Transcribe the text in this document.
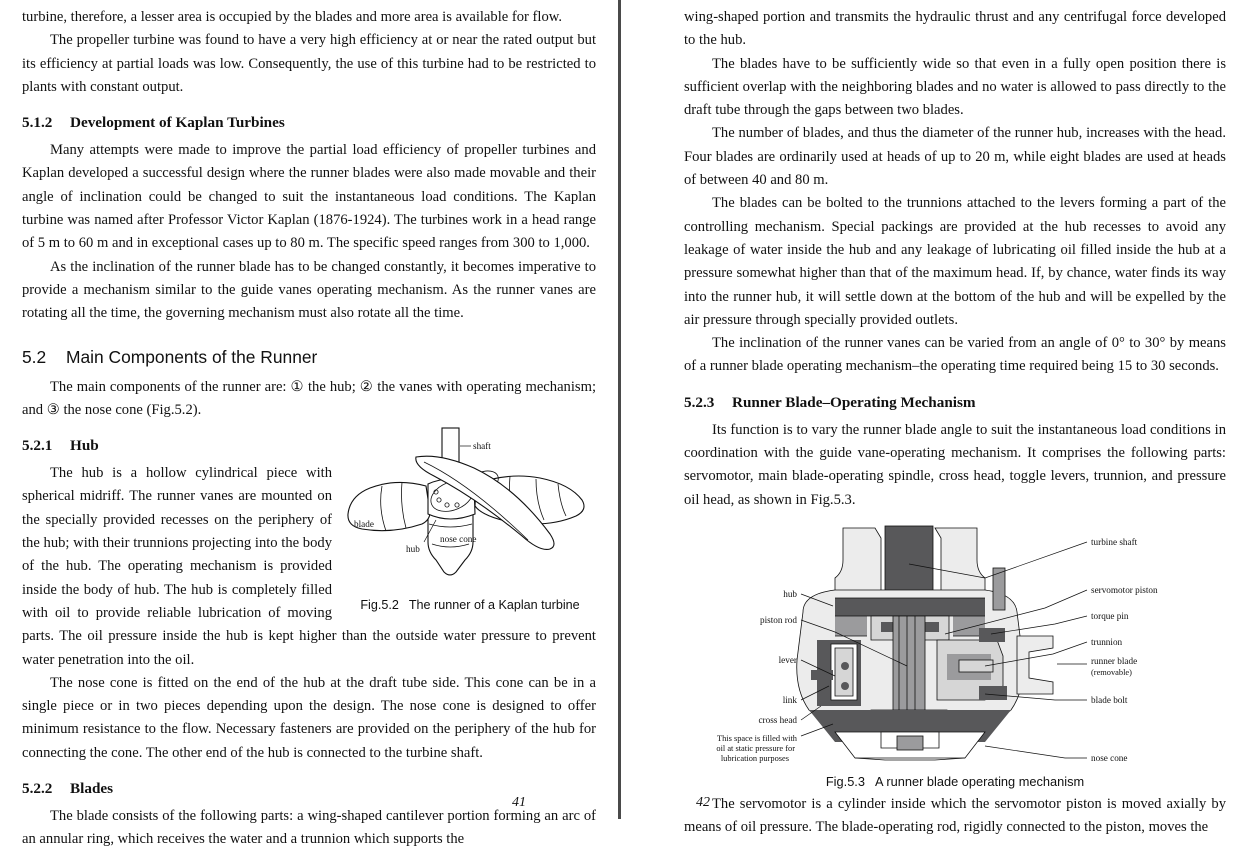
turbine, therefore, a lesser area is occupied by the blades and more area is available for flow.

The propeller turbine was found to have a very high efficiency at or near the rated output but its efficiency at partial loads was low. Consequently, the use of this turbine had to be restricted to plants with constant output.

5.1.2 Development of Kaplan Turbines

Many attempts were made to improve the partial load efficiency of propeller turbines and Kaplan developed a successful design where the runner blades were also made movable and their angle of inclination could be changed to suit the instantaneous load conditions. The Kaplan turbine was named after Professor Victor Kaplan (1876-1924). The turbines work in a head range of 5 m to 60 m and in exceptional cases up to 80 m. The specific speed ranges from 300 to 1,000.

As the inclination of the runner blade has to be changed constantly, it becomes imperative to provide a mechanism similar to the guide vanes operating mechanism. As the runner vanes are rotating all the time, the governing mechanism must also rotate all the time.

5.2 Main Components of the Runner

The main components of the runner are: ① the hub; ② the vanes with operating mechanism; and ③ the nose cone (Fig.5.2).

shaft
blade
hub
nose cone
Fig.5.2 The runner of a Kaplan turbine
5.2.1 Hub

The hub is a hollow cylindrical piece with spherical midriff. The runner vanes are mounted on the specially provided recesses on the periphery of the hub; with their trunnions projecting into the body of the hub. The operating mechanism is provided inside the body of hub. The hub is completely filled with oil to provide reliable lubrication of moving parts. The oil pressure inside the hub is kept higher than the outside water pressure to prevent water penetration into the oil.

The nose cone is fitted on the end of the hub at the draft tube side. This cone can be in a single piece or in two pieces depending upon the design. The nose cone is designed to offer minimum resistance to the flow. Necessary fasteners are provided on the periphery of the hub for connecting the cone. The other end of the hub is connected to the turbine shaft.

5.2.2 Blades

The blade consists of the following parts: a wing-shaped cantilever portion forming an arc of an annular ring, which receives the water and a trunnion which supports the

41

wing-shaped portion and transmits the hydraulic thrust and any centrifugal force developed to the hub.

The blades have to be sufficiently wide so that even in a fully open position there is sufficient overlap with the neighboring blades and no water is allowed to pass directly to the draft tube through the gaps between two blades.

The number of blades, and thus the diameter of the runner hub, increases with the head. Four blades are ordinarily used at heads of up to 20 m, while eight blades are used at heads of between 40 and 80 m.

The blades can be bolted to the trunnions attached to the levers forming a part of the controlling mechanism. Special packings are provided at the hub recesses to avoid any leakage of water inside the hub and any leakage of lubricating oil filled inside the hub at a pressure somewhat higher than that of the maximum head. If, by chance, water finds its way into the runner hub, it will settle down at the bottom of the hub and will be expelled by the air pressure through specially provided outlets.

The inclination of the runner vanes can be varied from an angle of 0° to 30° by means of a runner blade operating mechanism–the operating time required being 15 to 30 seconds.

5.2.3 Runner Blade–Operating Mechanism

Its function is to vary the runner blade angle to suit the instantaneous load conditions in coordination with the guide vane-operating mechanism. It comprises the following parts: servomotor, main blade-operating spindle, cross head, toggle levers, trunnion, and pressure oil head, as shown in Fig.5.3.

turbine shaft
servomotor piston
torque pin
trunnion
runner blade
(removable)
blade bolt
nose cone
hub
piston rod
lever
link
cross head
This space is filled with
oil at static pressure for
lubrication purposes
Fig.5.3 A runner blade operating mechanism

The servomotor is a cylinder inside which the servomotor piston is moved axially by means of oil pressure. The blade-operating rod, rigidly connected to the piston, moves the

42
